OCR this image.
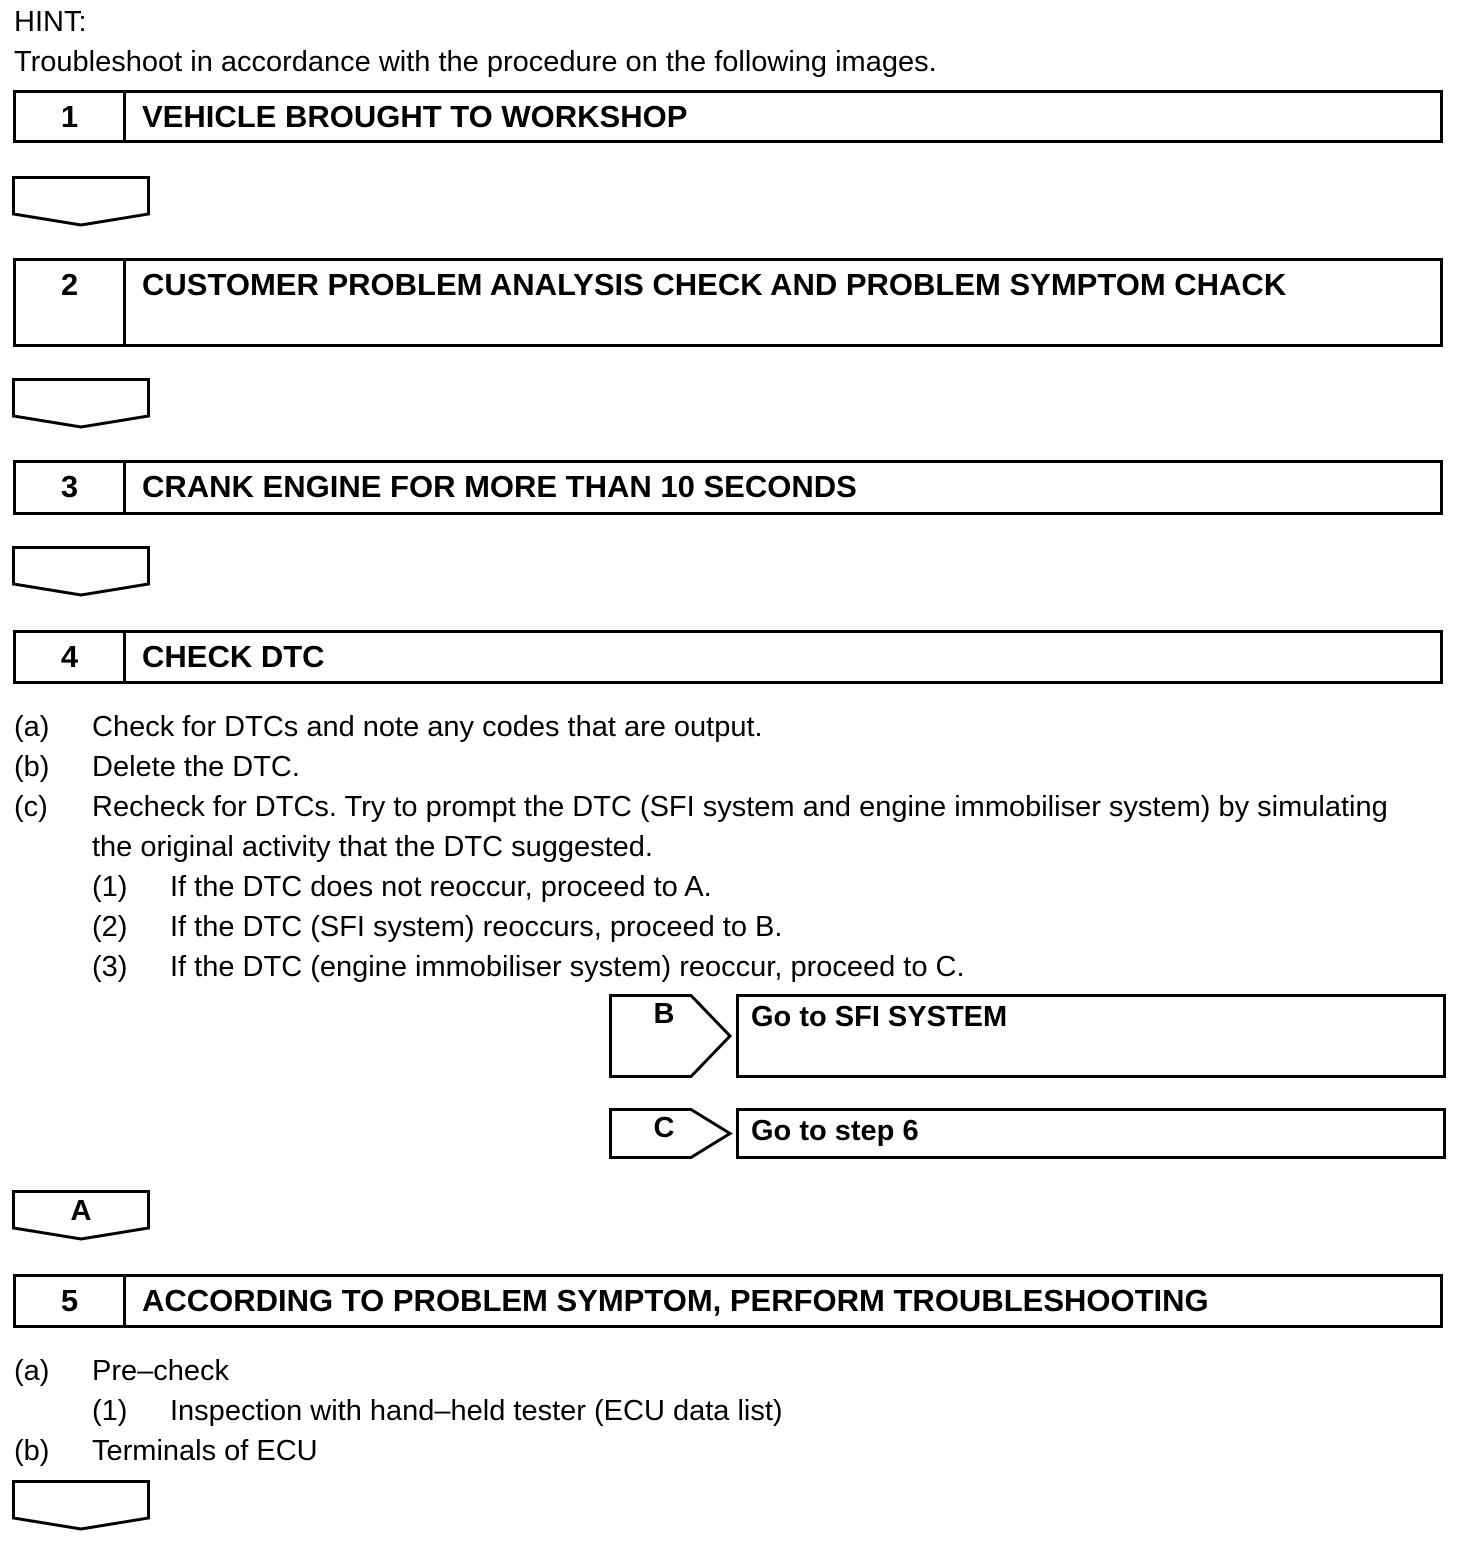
HINT:
Troubleshoot in accordance with the procedure on the following images.
1	VEHICLE BROUGHT TO WORKSHOP
2	CUSTOMER PROBLEM ANALYSIS CHECK AND PROBLEM SYMPTOM CHACK
3	CRANK ENGINE FOR MORE THAN 10 SECONDS
4	CHECK DTC
(a) Check for DTCs and note any codes that are output.
(b) Delete the DTC.
(c) Recheck for DTCs. Try to prompt the DTC (SFI system and engine immobiliser system) by simulating
the original activity that the DTC suggested.
(1) If the DTC does not reoccur, proceed to A.
(2) If the DTC (SFI system) reoccurs, proceed to B.
(3) If the DTC (engine immobiliser system) reoccur, proceed to C.
B	Go to SFI SYSTEM
C	Go to step 6
A
5	ACCORDING TO PROBLEM SYMPTOM, PERFORM TROUBLESHOOTING
(a) Pre–check
(1) Inspection with hand–held tester (ECU data list)
(b) Terminals of ECU
